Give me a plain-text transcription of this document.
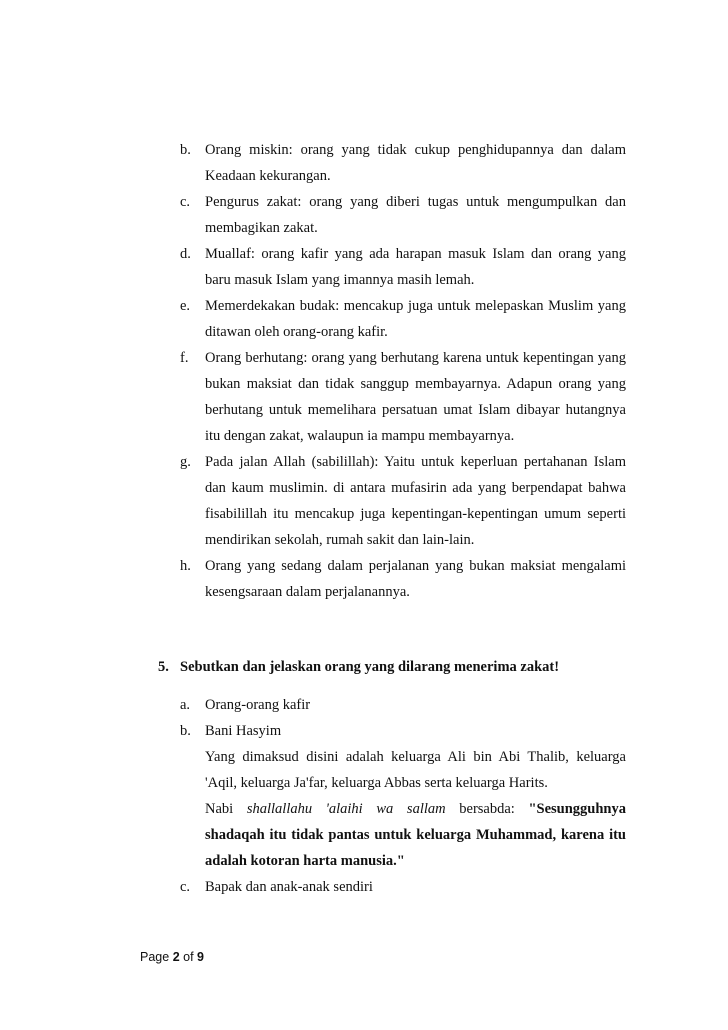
b. Orang miskin: orang yang tidak cukup penghidupannya dan dalam Keadaan kekurangan.
c.	Pengurus zakat: orang yang diberi tugas untuk mengumpulkan dan membagikan zakat.
d. Muallaf: orang kafir yang ada harapan masuk Islam dan orang yang baru masuk Islam yang imannya masih lemah.
e.	Memerdekakan budak: mencakup juga untuk melepaskan Muslim yang ditawan oleh orang-orang kafir.
f.	Orang berhutang: orang yang berhutang karena untuk kepentingan yang bukan maksiat dan tidak sanggup membayarnya. Adapun orang yang berhutang untuk memelihara persatuan umat Islam dibayar hutangnya itu dengan zakat, walaupun ia mampu membayarnya.
g. Pada jalan Allah (sabilillah): Yaitu untuk keperluan pertahanan Islam dan kaum muslimin. di antara mufasirin ada yang berpendapat bahwa fisabilillah itu mencakup juga kepentingan-kepentingan umum seperti mendirikan sekolah, rumah sakit dan lain-lain.
h. Orang yang sedang dalam perjalanan yang bukan maksiat mengalami kesengsaraan dalam perjalanannya.
5. Sebutkan dan jelaskan orang yang dilarang menerima zakat!
a.	Orang-orang kafir
b. Bani Hasyim
Yang dimaksud disini adalah keluarga Ali bin Abi Thalib, keluarga 'Aqil, keluarga Ja'far, keluarga Abbas serta keluarga Harits.
Nabi shallallahu 'alaihi wa sallam bersabda: "Sesungguhnya shadaqah itu tidak pantas untuk keluarga Muhammad, karena itu adalah kotoran harta manusia."
c.	Bapak dan anak-anak sendiri
Page 2 of 9
